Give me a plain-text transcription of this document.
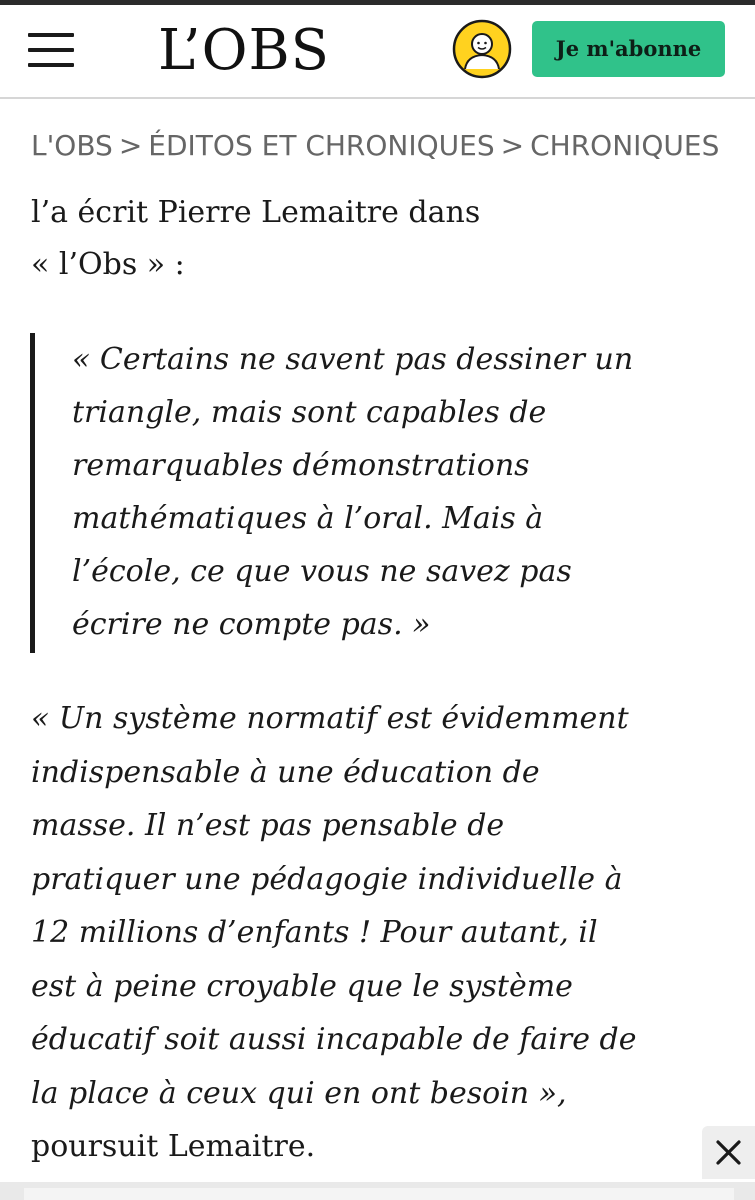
L’OBS	Je m'abonne
L'OBS > ÉDITOS ET CHRONIQUES > CHRONIQUES
l’a écrit Pierre Lemaitre dans
« l’Obs » :
« Certains ne savent pas dessiner un
triangle, mais sont capables de
remarquables démonstrations
mathématiques à l’oral. Mais à
l’école, ce que vous ne savez pas
écrire ne compte pas. »
« Un système normatif est évidemment
indispensable à une éducation de
masse. Il n’est pas pensable de
pratiquer une pédagogie individuelle à
12 millions d’enfants ! Pour autant, il
est à peine croyable que le système
éducatif soit aussi incapable de faire de
la place à ceux qui en ont besoin »,
poursuit Lemaitre.
